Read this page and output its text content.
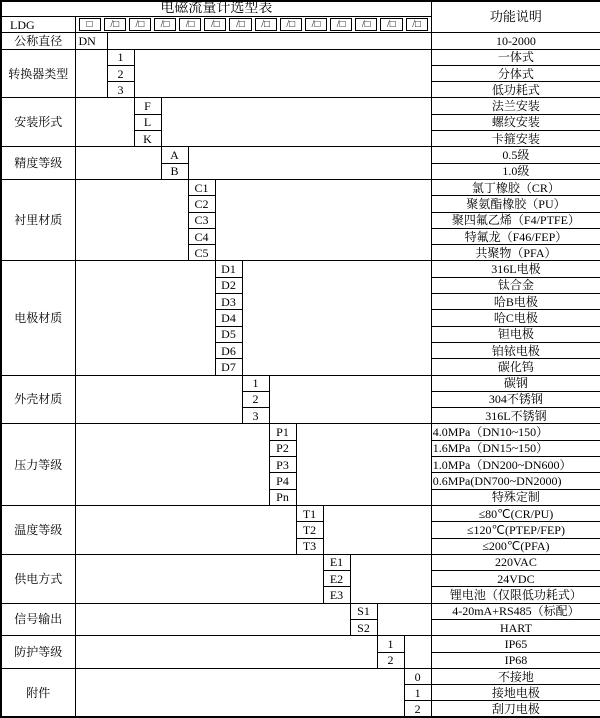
电磁流量计选型表														功能说明
LDG	□	/□	/□	/□	/□	/□	/□	/□	/□	/□	/□	/□	/□	/□

公称直径	DN													10-2000
转换器类型		1												一体式
		2												分体式
		3												低功耗式
安装形式			F											法兰安装
			L											螺纹安装
			K											卡箍安装
精度等级				A										0.5级
				B										1.0级
衬里材质					C1									氯丁橡胶（CR）
					C2									聚氨酯橡胶（PU）
					C3									聚四氟乙烯（F4/PTFE）
					C4									特氟龙（F46/FEP）
					C5									共聚物（PFA）
电极材质						D1								316L电极
						D2								钛合金
						D3								哈B电极
						D4								哈C电极
						D5								钽电极
						D6								铂铱电极
						D7								碳化钨
外壳材质							1							碳钢
							2							304不锈钢
							3							316L不锈钢
压力等级								P1						4.0MPa（DN10~150）
								P2						1.6MPa（DN15~150）
								P3						1.0MPa（DN200~DN600）
								P4						0.6MPa(DN700~DN2000)
								Pn						特殊定制
温度等级									T1					≤80℃(CR/PU)
									T2					≤120℃(PTEP/FEP)
									T3					≤200℃(PFA)
供电方式										E1				220VAC
										E2				24VDC
										E3				锂电池（仅限低功耗式）
信号输出											S1			4-20mA+RS485（标配）
											S2			HART
防护等级												1		IP65
												2		IP68
附件													0	不接地
													1	接地电极
													2	刮刀电极
